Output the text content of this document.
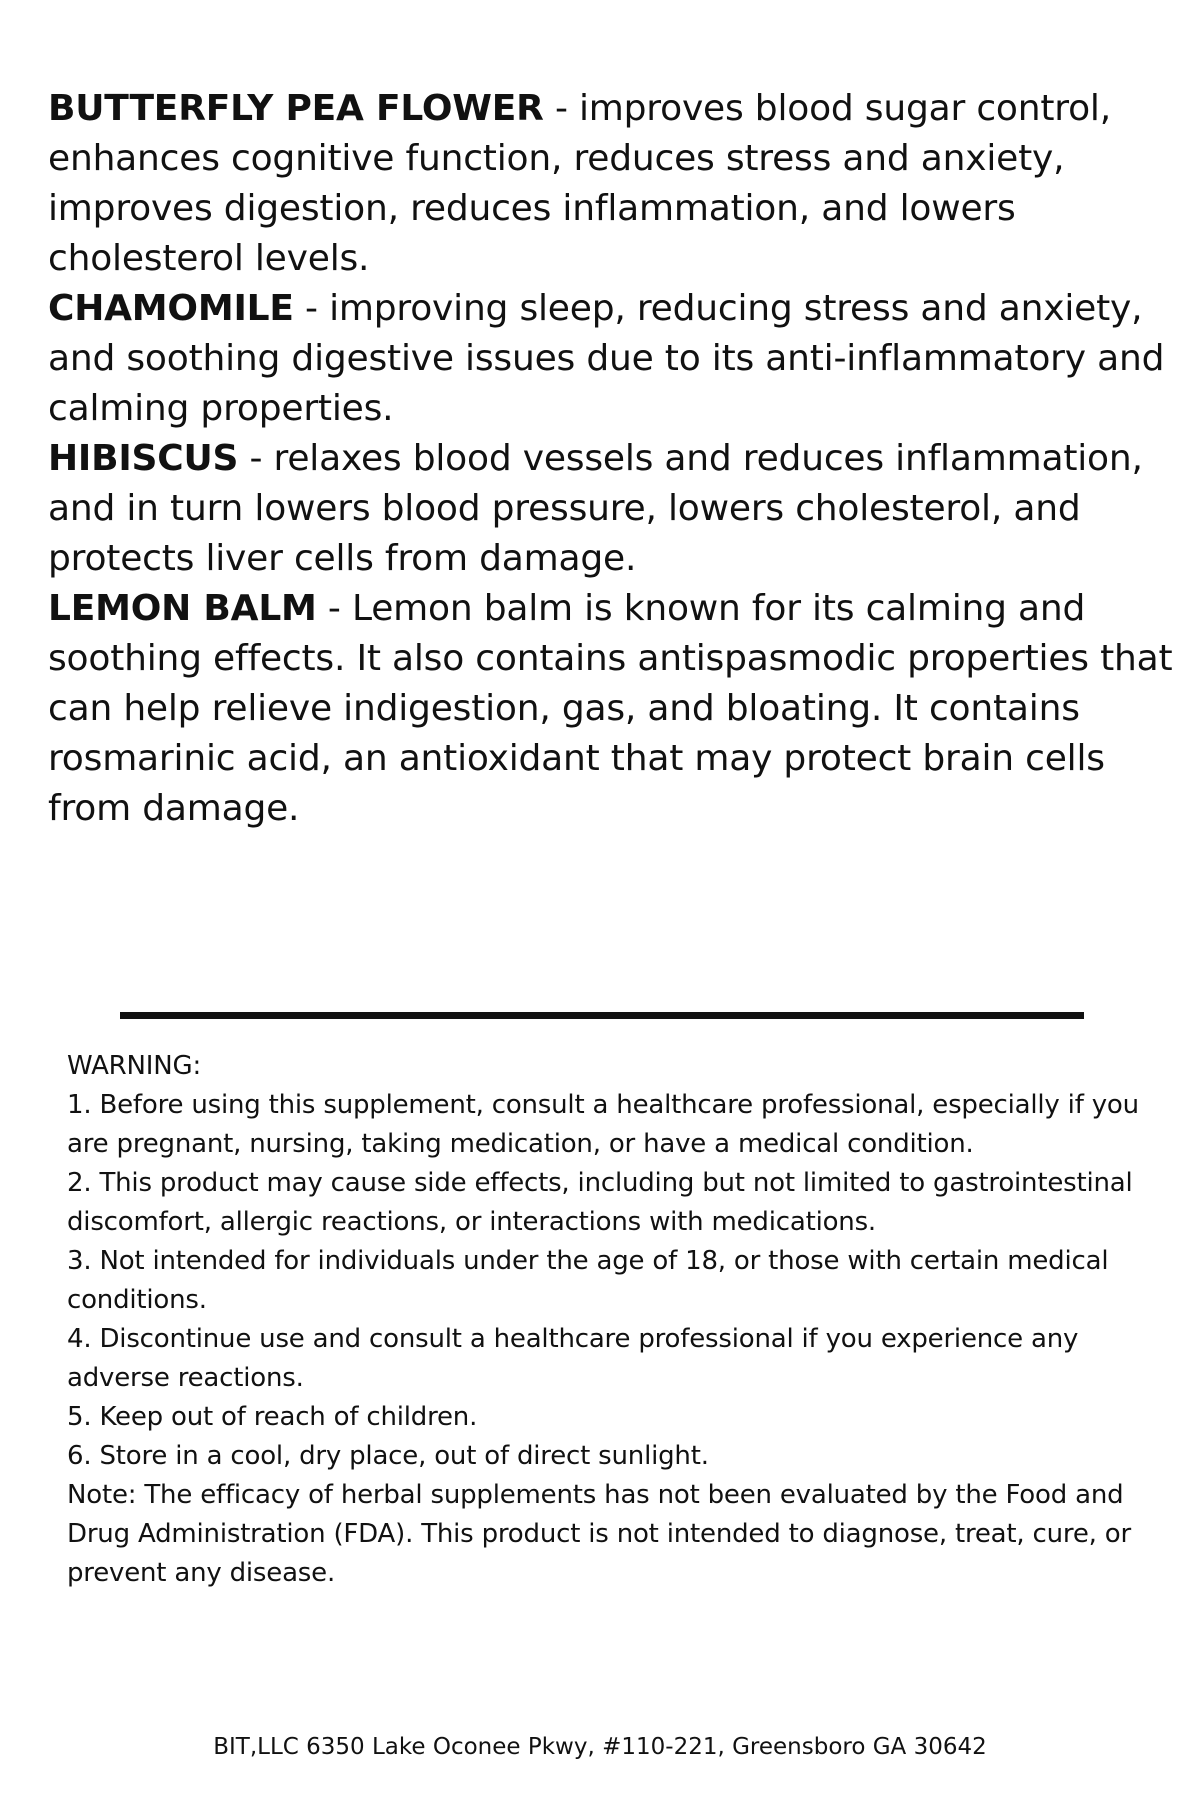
BUTTERFLY PEA FLOWER - improves blood sugar control, enhances cognitive function, reduces stress and anxiety, improves digestion, reduces inflammation, and lowers cholesterol levels.

CHAMOMILE - improving sleep, reducing stress and anxiety, and soothing digestive issues due to its anti-inflammatory and calming properties.

HIBISCUS - relaxes blood vessels and reduces inflammation, and in turn lowers blood pressure, lowers cholesterol, and protects liver cells from damage.

LEMON BALM - Lemon balm is known for its calming and soothing effects. It also contains antispasmodic properties that can help relieve indigestion, gas, and bloating. It contains rosmarinic acid, an antioxidant that may protect brain cells from damage.

WARNING:

1. Before using this supplement, consult a healthcare professional, especially if you are pregnant, nursing, taking medication, or have a medical condition.

2. This product may cause side effects, including but not limited to gastrointestinal discomfort, allergic reactions, or interactions with medications.

3. Not intended for individuals under the age of 18, or those with certain medical conditions.

4. Discontinue use and consult a healthcare professional if you experience any adverse reactions.

5. Keep out of reach of children.

6. Store in a cool, dry place, out of direct sunlight.

Note: The efficacy of herbal supplements has not been evaluated by the Food and Drug Administration (FDA). This product is not intended to diagnose, treat, cure, or prevent any disease.

BIT,LLC 6350 Lake Oconee Pkwy, #110-221, Greensboro GA 30642
